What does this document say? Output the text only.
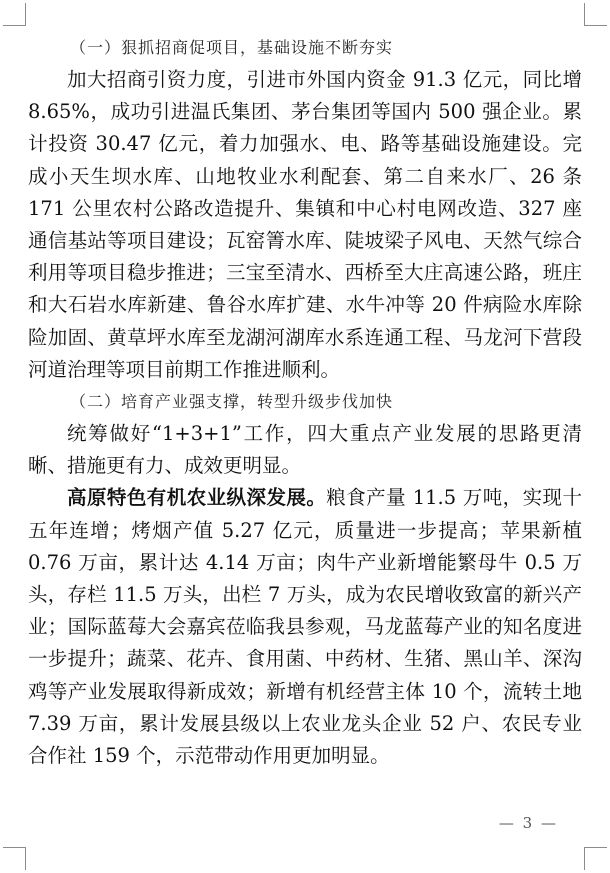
（一）狠抓招商促项目，基础设施不断夯实

加大招商引资力度，引进市外国内资金 91.3 亿元，同比增 8.65%，成功引进温氏集团、茅台集团等国内 500 强企业。累计投资 30.47 亿元，着力加强水、电、路等基础设施建设。完成小天生坝水库、山地牧业水利配套、第二自来水厂、26 条 171 公里农村公路改造提升、集镇和中心村电网改造、327 座通信基站等项目建设；瓦窑箐水库、陡坡梁子风电、天然气综合利用等项目稳步推进；三宝至清水、西桥至大庄高速公路，班庄和大石岩水库新建、鲁谷水库扩建、水牛冲等 20 件病险水库除险加固、黄草坪水库至龙湖河湖库水系连通工程、马龙河下营段河道治理等项目前期工作推进顺利。

（二）培育产业强支撑，转型升级步伐加快

统筹做好“1+3+1”工作，四大重点产业发展的思路更清晰、措施更有力、成效更明显。

高原特色有机农业纵深发展。粮食产量 11.5 万吨，实现十五年连增；烤烟产值 5.27 亿元，质量进一步提高；苹果新植 0.76 万亩，累计达 4.14 万亩；肉牛产业新增能繁母牛 0.5 万头，存栏 11.5 万头，出栏 7 万头，成为农民增收致富的新兴产业；国际蓝莓大会嘉宾莅临我县参观，马龙蓝莓产业的知名度进一步提升；蔬菜、花卉、食用菌、中药材、生猪、黑山羊、深沟鸡等产业发展取得新成效；新增有机经营主体 10 个，流转土地 7.39 万亩，累计发展县级以上农业龙头企业 52 户、农民专业合作社 159 个，示范带动作用更加明显。

— 3 —
